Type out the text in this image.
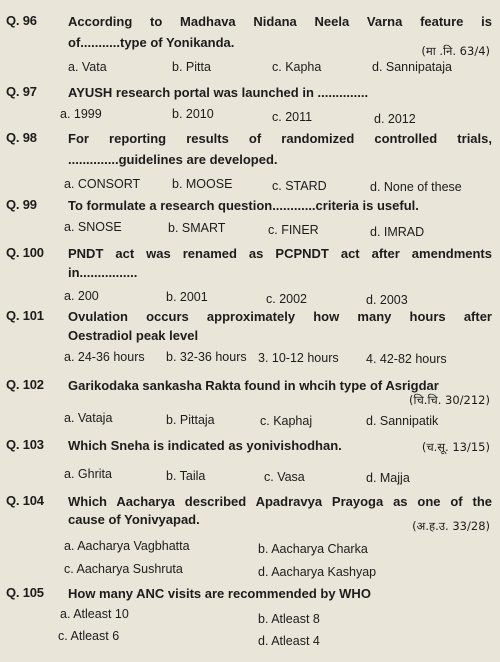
Q. 96 According to Madhava Nidana Neela Varna feature is
of...........type of Yonikanda.
(मा .नि. 63/4)
a. Vata	b. Pitta	c. Kapha	d. Sannipataja
Q. 97 AYUSH research portal was launched in ..............
a. 1999	b. 2010	c. 2011	d. 2012
Q. 98 For reporting results of randomized controlled trials,
..............guidelines are developed.
a. CONSORT	b. MOOSE	c. STARD	d. None of these
Q. 99 To formulate a research question............criteria is useful.
a. SNOSE	b. SMART	c. FINER	d. IMRAD
Q. 100 PNDT act was renamed as PCPNDT act after amendments
in................
a. 200	b. 2001	c. 2002	d. 2003
Q. 101 Ovulation occurs approximately how many hours after
Oestradiol peak level
a. 24-36 hours b. 32-36 hours 3. 10-12 hours 4. 42-82 hours
Q. 102 Garikodaka sankasha Rakta found in whcih type of Asrigdar
(चि.चि. 30/212)
a. Vataja	b. Pittaja	c. Kaphaj	d. Sannipatik
Q. 103 Which Sneha is indicated as yonivishodhan.	(च.सू. 13/15)
a. Ghrita	b. Taila	c. Vasa	d. Majja
Q. 104 Which Aacharya described Apadravya Prayoga as one of the
cause of Yonivyapad.	(अ.ह.उ. 33/28)
a. Aacharya Vagbhatta	b. Aacharya Charka
c. Aacharya Sushruta	d. Aacharya Kashyap
Q. 105 How many ANC visits are recommended by WHO
a. Atleast 10	b. Atleast 8
c. Atleast 6	d. Atleast 4
